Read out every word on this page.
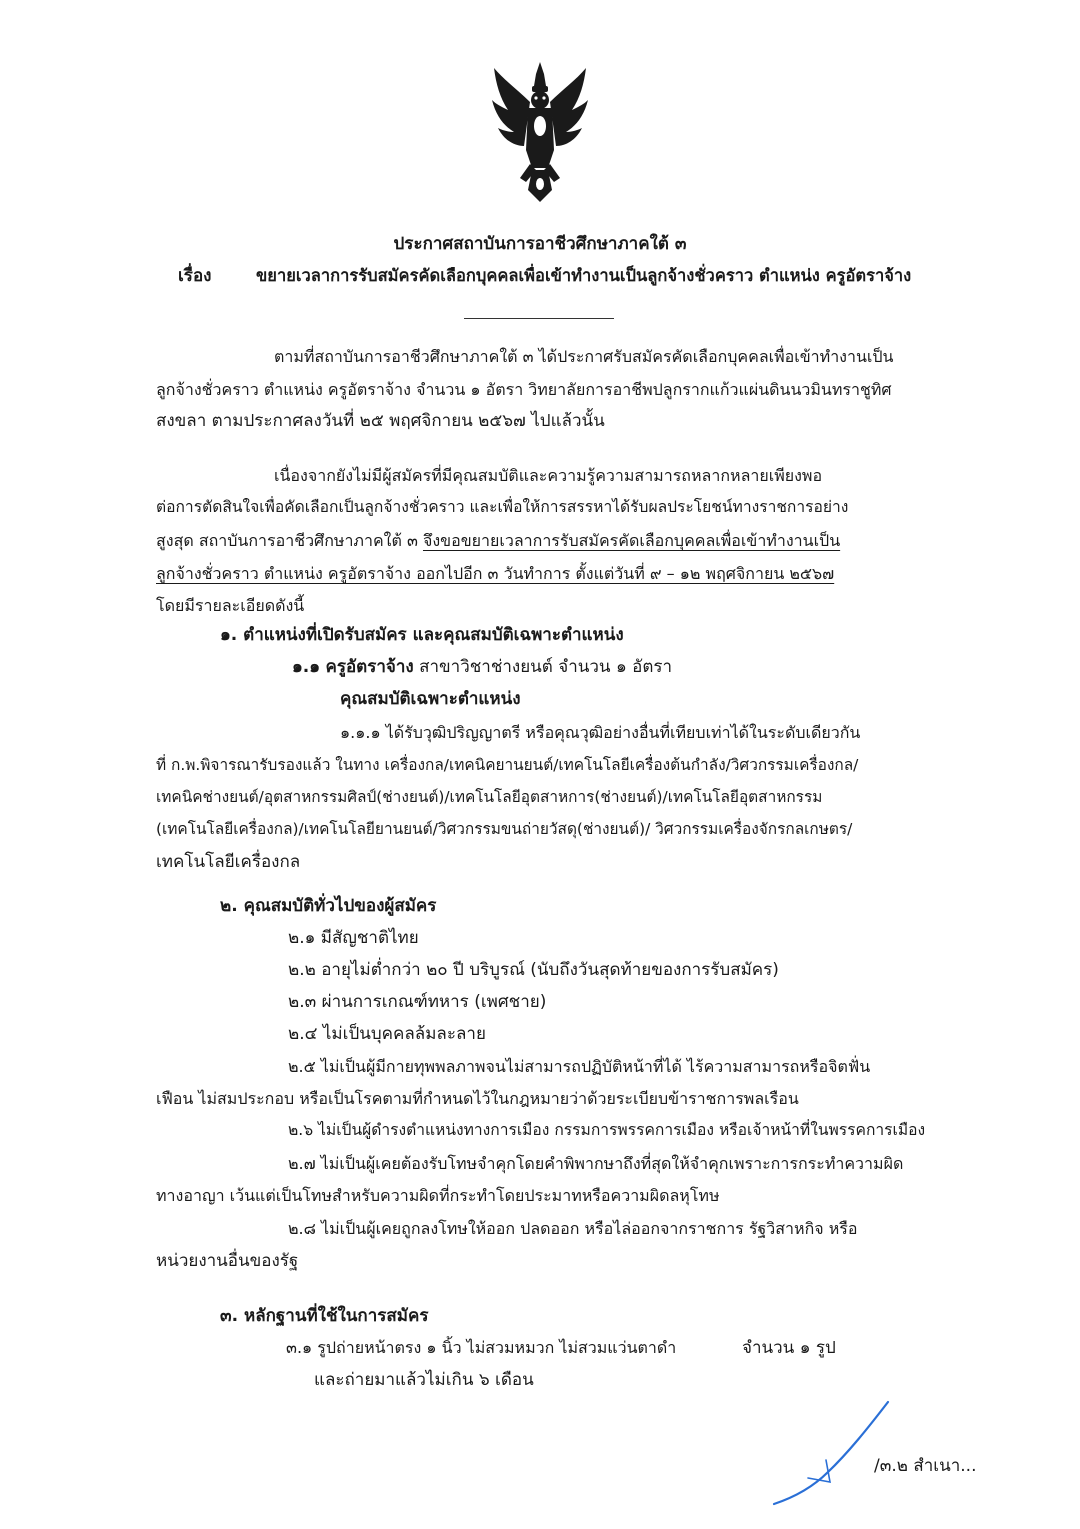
ประกาศสถาบันการอาชีวศึกษาภาคใต้ ๓
เรื่อง	ขยายเวลาการรับสมัครคัดเลือกบุคคลเพื่อเข้าทำงานเป็นลูกจ้างชั่วคราว ตำแหน่ง ครูอัตราจ้าง
ตามที่สถาบันการอาชีวศึกษาภาคใต้ ๓ ได้ประกาศรับสมัครคัดเลือกบุคคลเพื่อเข้าทำงานเป็น
ลูกจ้างชั่วคราว ตำแหน่ง ครูอัตราจ้าง จำนวน ๑ อัตรา วิทยาลัยการอาชีพปลูกรากแก้วแผ่นดินนวมินทราชูทิศ
สงขลา ตามประกาศลงวันที่ ๒๕ พฤศจิกายน ๒๕๖๗ ไปแล้วนั้น
เนื่องจากยังไม่มีผู้สมัครที่มีคุณสมบัติและความรู้ความสามารถหลากหลายเพียงพอ
ต่อการตัดสินใจเพื่อคัดเลือกเป็นลูกจ้างชั่วคราว และเพื่อให้การสรรหาได้รับผลประโยชน์ทางราชการอย่าง
สูงสุด สถาบันการอาชีวศึกษาภาคใต้ ๓ จึงขอขยายเวลาการรับสมัครคัดเลือกบุคคลเพื่อเข้าทำงานเป็น
ลูกจ้างชั่วคราว ตำแหน่ง ครูอัตราจ้าง ออกไปอีก ๓ วันทำการ ตั้งแต่วันที่ ๙ – ๑๒ พฤศจิกายน ๒๕๖๗
โดยมีรายละเอียดดังนี้
๑. ตำแหน่งที่เปิดรับสมัคร และคุณสมบัติเฉพาะตำแหน่ง
๑.๑ ครูอัตราจ้าง สาขาวิชาช่างยนต์ จำนวน ๑ อัตรา
คุณสมบัติเฉพาะตำแหน่ง
๑.๑.๑ ได้รับวุฒิปริญญาตรี หรือคุณวุฒิอย่างอื่นที่เทียบเท่าได้ในระดับเดียวกัน
ที่ ก.พ.พิจารณารับรองแล้ว ในทาง เครื่องกล/เทคนิคยานยนต์/เทคโนโลยีเครื่องต้นกำลัง/วิศวกรรมเครื่องกล/
เทคนิคช่างยนต์/อุตสาหกรรมศิลป์(ช่างยนต์)/เทคโนโลยีอุตสาหการ(ช่างยนต์)/เทคโนโลยีอุตสาหกรรม
(เทคโนโลยีเครื่องกล)/เทคโนโลยียานยนต์/วิศวกรรมขนถ่ายวัสดุ(ช่างยนต์)/ วิศวกรรมเครื่องจักรกลเกษตร/
เทคโนโลยีเครื่องกล
๒. คุณสมบัติทั่วไปของผู้สมัคร
๒.๑ มีสัญชาติไทย
๒.๒ อายุไม่ต่ำกว่า ๒๐ ปี บริบูรณ์ (นับถึงวันสุดท้ายของการรับสมัคร)
๒.๓ ผ่านการเกณฑ์ทหาร (เพศชาย)
๒.๔ ไม่เป็นบุคคลล้มละลาย
๒.๕ ไม่เป็นผู้มีกายทุพพลภาพจนไม่สามารถปฏิบัติหน้าที่ได้ ไร้ความสามารถหรือจิตฟั่น
เฟือน ไม่สมประกอบ หรือเป็นโรคตามที่กำหนดไว้ในกฎหมายว่าด้วยระเบียบข้าราชการพลเรือน
๒.๖ ไม่เป็นผู้ดำรงตำแหน่งทางการเมือง กรรมการพรรคการเมือง หรือเจ้าหน้าที่ในพรรคการเมือง
๒.๗ ไม่เป็นผู้เคยต้องรับโทษจำคุกโดยคำพิพากษาถึงที่สุดให้จำคุกเพราะการกระทำความผิด
ทางอาญา เว้นแต่เป็นโทษสำหรับความผิดที่กระทำโดยประมาทหรือความผิดลหุโทษ
๒.๘ ไม่เป็นผู้เคยถูกลงโทษให้ออก ปลดออก หรือไล่ออกจากราชการ รัฐวิสาหกิจ หรือ
หน่วยงานอื่นของรัฐ
๓. หลักฐานที่ใช้ในการสมัคร
๓.๑ รูปถ่ายหน้าตรง ๑ นิ้ว ไม่สวมหมวก ไม่สวมแว่นตาดำ	จำนวน ๑ รูป
และถ่ายมาแล้วไม่เกิน ๖ เดือน
/๓.๒ สำเนา...
